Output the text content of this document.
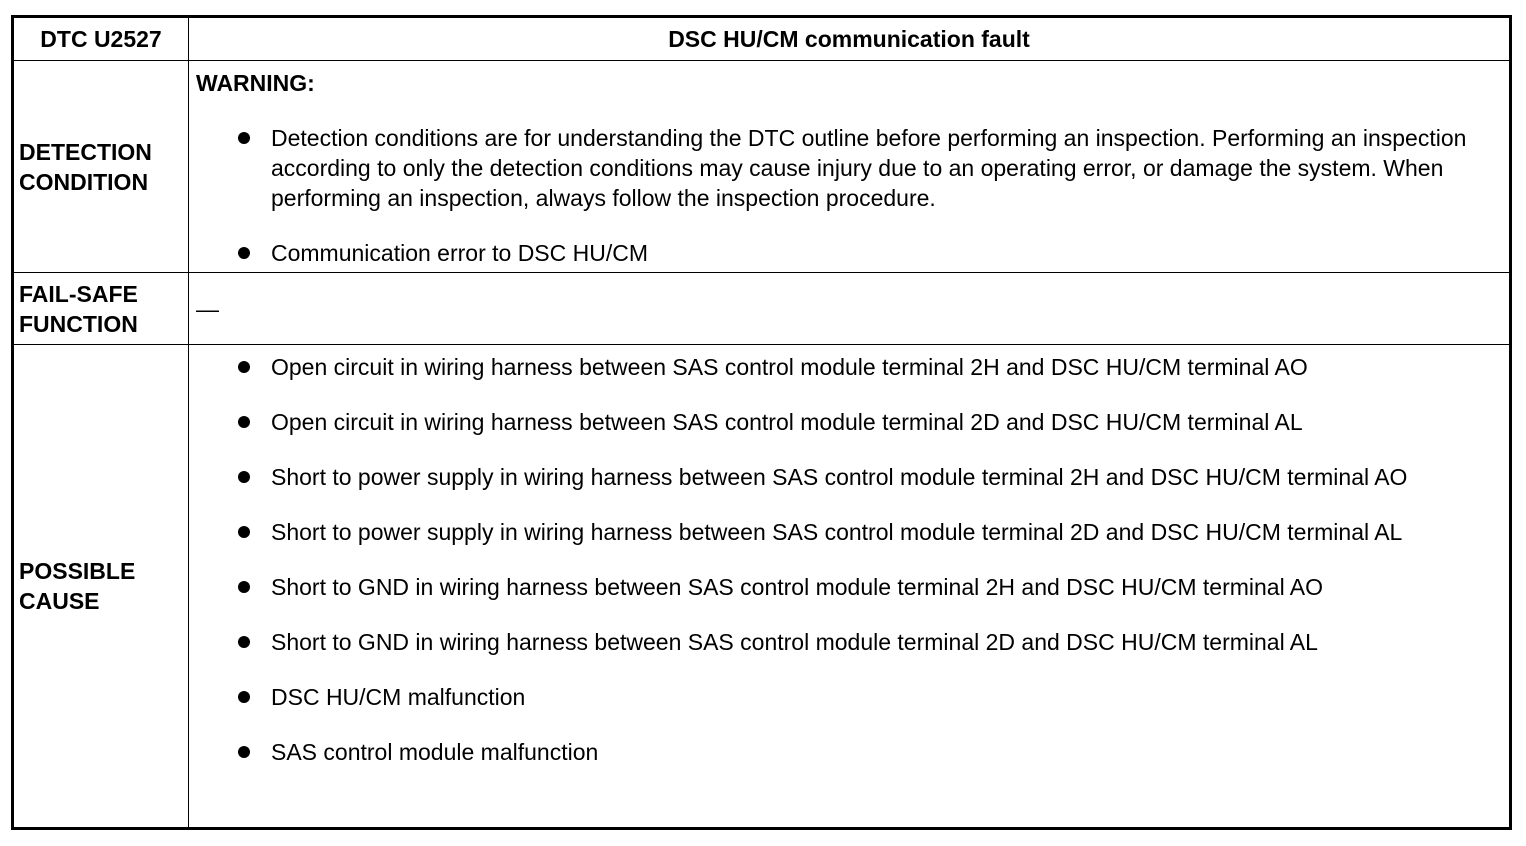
DTC U2527	DSC HU/CM communication fault
DETECTION
CONDITION
WARNING:
Detection conditions are for understanding the DTC outline before performing an inspection. Performing an inspection according to only the detection conditions may cause injury due to an operating error, or damage the system. When performing an inspection, always follow the inspection procedure.
Communication error to DSC HU/CM
FAIL-SAFE
FUNCTION
—
POSSIBLE
CAUSE
Open circuit in wiring harness between SAS control module terminal 2H and DSC HU/CM terminal AO
Open circuit in wiring harness between SAS control module terminal 2D and DSC HU/CM terminal AL
Short to power supply in wiring harness between SAS control module terminal 2H and DSC HU/CM terminal AO
Short to power supply in wiring harness between SAS control module terminal 2D and DSC HU/CM terminal AL
Short to GND in wiring harness between SAS control module terminal 2H and DSC HU/CM terminal AO
Short to GND in wiring harness between SAS control module terminal 2D and DSC HU/CM terminal AL
DSC HU/CM malfunction
SAS control module malfunction
